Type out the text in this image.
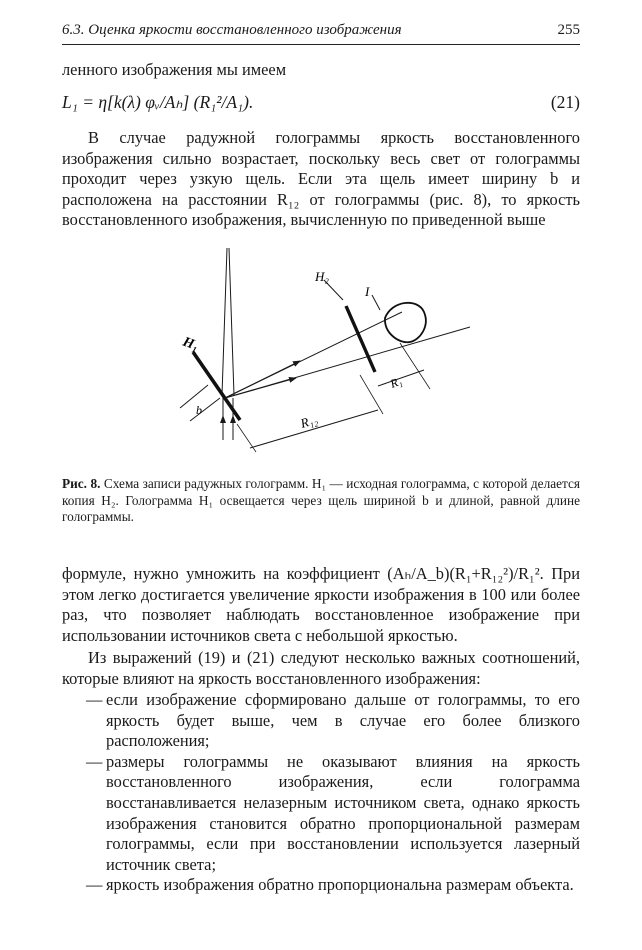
6.3. Оценка яркости восстановленного изображения	255
ленного изображения мы имеем
L₁ = η[k(λ) φᵥ/Aₕ] (R₁²/A₁).	(21)
В случае радужной голограммы яркость восстановленного изображения сильно возрастает, поскольку весь свет от голограммы проходит через узкую щель. Если эта щель имеет ширину b и расположена на расстоянии R₁₂ от голограммы (рис. 8), то яркость восстановленного изображения, вычисленную по приведенной выше
H₁
H₂
I
b
R₁
R₁₂
Рис. 8. Схема записи радужных голограмм. H₁ — исходная голограмма, с которой делается копия H₂. Голограмма H₁ освещается через щель шириной b и длиной, равной длине голограммы.
формуле, нужно умножить на коэффициент (Aₕ/A_b)(R₁+R₁₂²)/R₁². При этом легко достигается увеличение яркости изображения в 100 или более раз, что позволяет наблюдать восстановленное изображение при использовании источников света с небольшой яркостью.
Из выражений (19) и (21) следуют несколько важных соотношений, которые влияют на яркость восстановленного изображения:
— если изображение сформировано дальше от голограммы, то его яркость будет выше, чем в случае его более близкого расположения;
— размеры голограммы не оказывают влияния на яркость восстановленного изображения, если голограмма восстанавливается нелазерным источником света, однако яркость изображения становится обратно пропорциональной размерам голограммы, если при восстановлении используется лазерный источник света;
— яркость изображения обратно пропорциональна размерам объекта.
